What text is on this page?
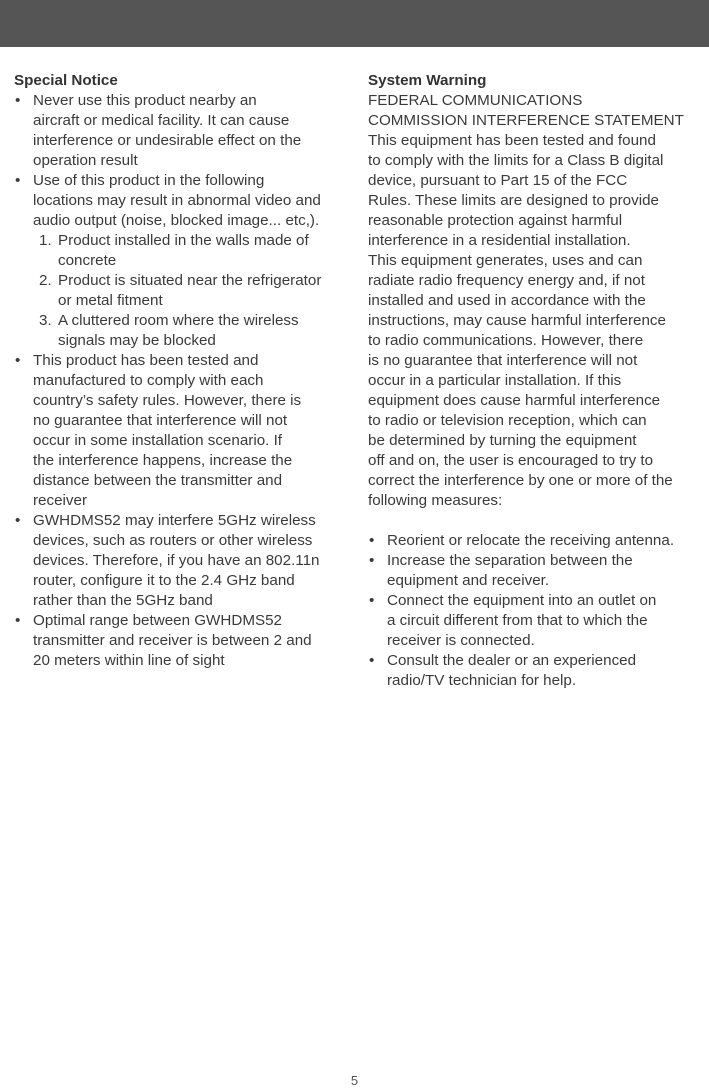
Special Notice
• Never use this product nearby an
aircraft or medical facility. It can cause
interference or undesirable effect on the
operation result
• Use of this product in the following
locations may result in abnormal video and
audio output (noise, blocked image... etc,).
1. Product installed in the walls made of
concrete
2. Product is situated near the refrigerator
or metal fitment
3. A cluttered room where the wireless
signals may be blocked
• This product has been tested and
manufactured to comply with each
country’s safety rules. However, there is
no guarantee that interference will not
occur in some installation scenario. If
the interference happens, increase the
distance between the transmitter and
receiver
• GWHDMS52 may interfere 5GHz wireless
devices, such as routers or other wireless
devices. Therefore, if you have an 802.11n
router, configure it to the 2.4 GHz band
rather than the 5GHz band
• Optimal range between GWHDMS52
transmitter and receiver is between 2 and
20 meters within line of sight
System Warning
FEDERAL COMMUNICATIONS
COMMISSION INTERFERENCE STATEMENT
This equipment has been tested and found
to comply with the limits for a Class B digital
device, pursuant to Part 15 of the FCC
Rules. These limits are designed to provide
reasonable protection against harmful
interference in a residential installation.
This equipment generates, uses and can
radiate radio frequency energy and, if not
installed and used in accordance with the
instructions, may cause harmful interference
to radio communications. However, there
is no guarantee that interference will not
occur in a particular installation. If this
equipment does cause harmful interference
to radio or television reception, which can
be determined by turning the equipment
off and on, the user is encouraged to try to
correct the interference by one or more of the
following measures:
• Reorient or relocate the receiving antenna.
• Increase the separation between the
equipment and receiver.
• Connect the equipment into an outlet on
a circuit different from that to which the
receiver is connected.
• Consult the dealer or an experienced
radio/TV technician for help.
5
